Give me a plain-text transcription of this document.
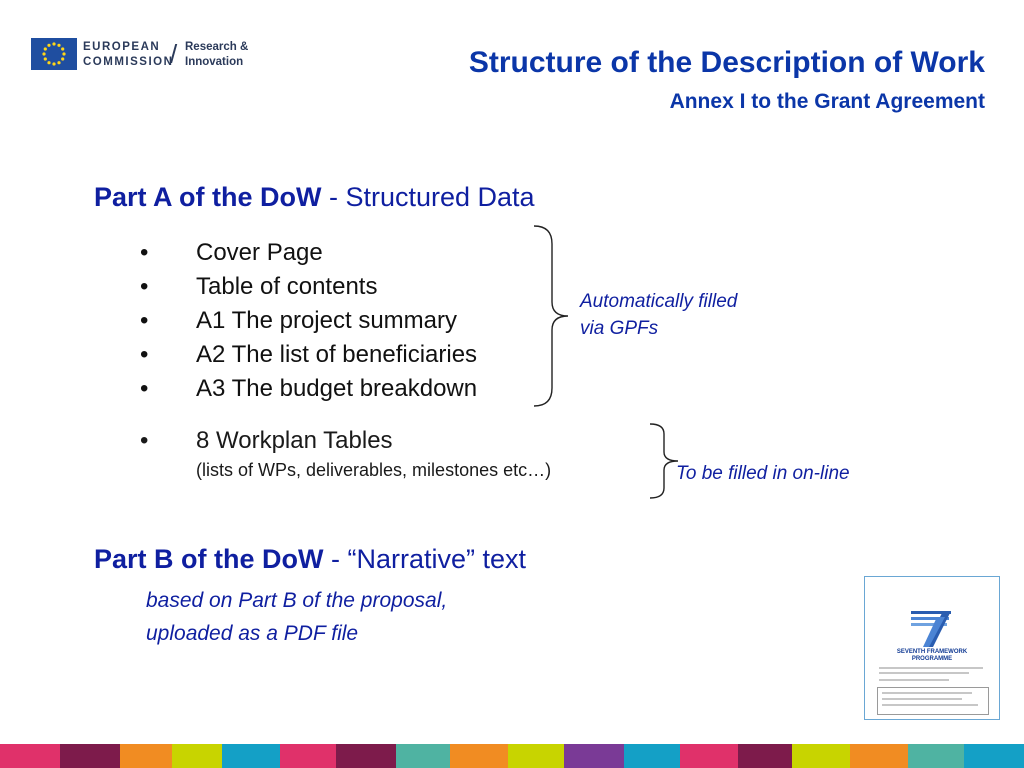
EUROPEAN
COMMISSION
/ Research &
Innovation	Structure of the Description of Work
Annex I to the Grant Agreement
Part A of the DoW - Structured Data
•	Cover Page
•	Table of contents
•	A1 The project summary
•	A2 The list of beneficiaries
•	A3 The budget breakdown
Automatically filled
via GPFs
• 8 Workplan Tables
(lists of WPs, deliverables, milestones etc…)	To be filled in on-line
Part B of the DoW - “Narrative” text
based on Part B of the proposal,
uploaded as a PDF file
SEVENTH FRAMEWORK
PROGRAMME
